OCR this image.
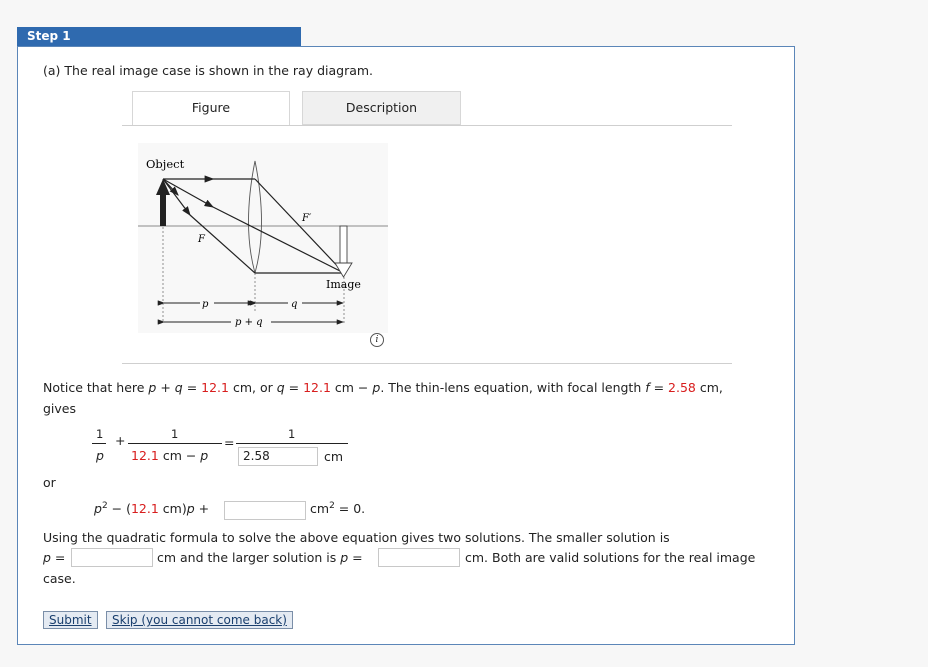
Step 1
(a) The real image case is shown in the ray diagram.
Figure	Description
Object
F
F′
Image
p	q
p + q
i
Notice that here p + q = 12.1 cm, or q = 12.1 cm − p. The thin-lens equation, with focal length f = 2.58 cm,
gives
1
p
+	1
12.1 cm − p
=
1
2.58	cm
or
$p^2 - (12.1$ cm)p +	$cm^2 = 0$.
Using the quadratic formula to solve the above equation gives two solutions. The smaller solution is
p =	cm and the larger solution is p =	cm. Both are valid solutions for the real image
case.
Submit	Skip (you cannot come back)
